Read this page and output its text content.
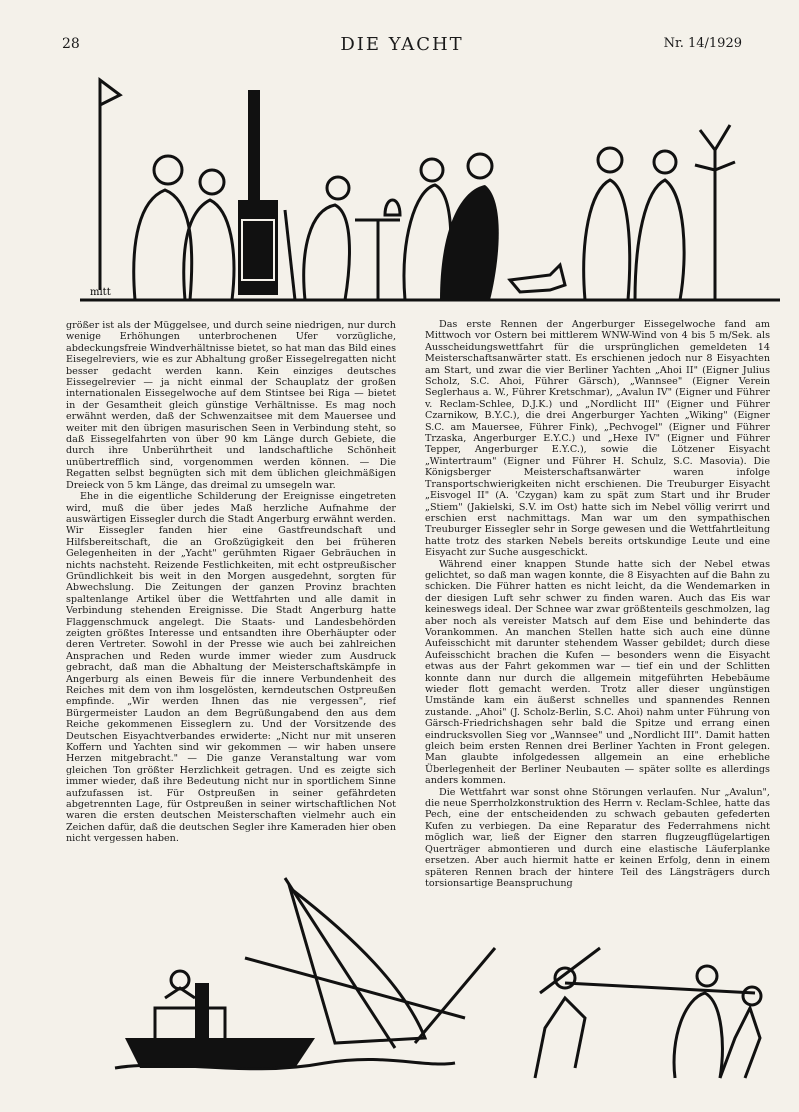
28	DIE YACHT	Nr. 14/1929
mitt

größer ist als der Müggelsee, und durch seine niedrigen, nur durch wenige Erhöhungen unterbrochenen Ufer vorzügliche, abdeckungsfreie Windverhältnisse bietet, so hat man das Bild eines Eisegelreviers, wie es zur Abhaltung großer Eissegelregatten nicht besser gedacht werden kann. Kein einziges deutsches Eissegelrevier — ja nicht einmal der Schauplatz der großen internationalen Eissegelwoche auf dem Stintsee bei Riga — bietet in der Gesamtheit gleich günstige Verhältnisse. Es mag noch erwähnt werden, daß der Schwenzaitsee mit dem Mauersee und weiter mit den übrigen masurischen Seen in Verbindung steht, so daß Eissegelfahrten von über 90 km Länge durch Gebiete, die durch ihre Unberührtheit und landschaftliche Schönheit unübertrefflich sind, vorgenommen werden können. — Die Regatten selbst begnügten sich mit dem üblichen gleichmäßigen Dreieck von 5 km Länge, das dreimal zu umsegeln war.

Ehe in die eigentliche Schilderung der Ereignisse eingetreten wird, muß die über jedes Maß herzliche Aufnahme der auswärtigen Eissegler durch die Stadt Angerburg erwähnt werden. Wir Eissegler fanden hier eine Gastfreundschaft und Hilfsbereitschaft, die an Großzügigkeit den bei früheren Gelegenheiten in der „Yacht" gerühmten Rigaer Gebräuchen in nichts nachsteht. Reizende Festlichkeiten, mit echt ostpreußischer Gründlichkeit bis weit in den Morgen ausgedehnt, sorgten für Abwechslung. Die Zeitungen der ganzen Provinz brachten spaltenlange Artikel über die Wettfahrten und alle damit in Verbindung stehenden Ereignisse. Die Stadt Angerburg hatte Flaggenschmuck angelegt. Die Staats- und Landesbehörden zeigten größtes Interesse und entsandten ihre Oberhäupter oder deren Vertreter. Sowohl in der Presse wie auch bei zahlreichen Ansprachen und Reden wurde immer wieder zum Ausdruck gebracht, daß man die Abhaltung der Meisterschaftskämpfe in Angerburg als einen Beweis für die innere Verbundenheit des Reiches mit dem von ihm losgelösten, kerndeutschen Ostpreußen empfinde. „Wir werden Ihnen das nie vergessen", rief Bürgermeister Laudon an dem Begrüßungabend den aus dem Reiche gekommenen Eisseglern zu. Und der Vorsitzende des Deutschen Eisyachtverbandes erwiderte: „Nicht nur mit unseren Koffern und Yachten sind wir gekommen — wir haben unsere Herzen mitgebracht." — Die ganze Veranstaltung war vom gleichen Ton größter Herzlichkeit getragen. Und es zeigte sich immer wieder, daß ihre Bedeutung nicht nur in sportlichem Sinne aufzufassen ist. Für Ostpreußen in seiner gefährdeten abgetrennten Lage, für Ostpreußen in seiner wirtschaftlichen Not waren die ersten deutschen Meisterschaften vielmehr auch ein Zeichen dafür, daß die deutschen Segler ihre Kameraden hier oben nicht vergessen haben.

Das erste Rennen der Angerburger Eissegelwoche fand am Mittwoch vor Ostern bei mittlerem WNW-Wind von 4 bis 5 m/Sek. als Ausscheidungswettfahrt für die ursprünglichen gemeldeten 14 Meisterschaftsanwärter statt. Es erschienen jedoch nur 8 Eisyachten am Start, und zwar die vier Berliner Yachten „Ahoi II" (Eigner Julius Scholz, S.C. Ahoi, Führer Gärsch), „Wannsee" (Eigner Verein Seglerhaus a. W., Führer Kretschmar), „Avalun IV" (Eigner und Führer v. Reclam-Schlee, D.J.K.) und „Nordlicht III" (Eigner und Führer Czarnikow, B.Y.C.), die drei Angerburger Yachten „Wiking" (Eigner S.C. am Mauersee, Führer Fink), „Pechvogel" (Eigner und Führer Trzaska, Angerburger E.Y.C.) und „Hexe IV" (Eigner und Führer Tepper, Angerburger E.Y.C.), sowie die Lötzener Eisyacht „Wintertraum" (Eigner und Führer H. Schulz, S.C. Masovia). Die Königsberger Meisterschaftsanwärter waren infolge Transportschwierigkeiten nicht erschienen. Die Treuburger Eisyacht „Eisvogel II" (A. 'Czygan) kam zu spät zum Start und ihr Bruder „Stiem" (Jakielski, S.V. im Ost) hatte sich im Nebel völlig verirrt und erschien erst nachmittags. Man war um den sympathischen Treuburger Eissegler sehr in Sorge gewesen und die Wettfahrtleitung hatte trotz des starken Nebels bereits ortskundige Leute und eine Eisyacht zur Suche ausgeschickt.

Während einer knappen Stunde hatte sich der Nebel etwas gelichtet, so daß man wagen konnte, die 8 Eisyachten auf die Bahn zu schicken. Die Führer hatten es nicht leicht, da die Wendemarken in der diesigen Luft sehr schwer zu finden waren. Auch das Eis war keineswegs ideal. Der Schnee war zwar größtenteils geschmolzen, lag aber noch als vereister Matsch auf dem Eise und behinderte das Vorankommen. An manchen Stellen hatte sich auch eine dünne Aufeisschicht mit darunter stehendem Wasser gebildet; durch diese Aufeisschicht brachen die Kufen — besonders wenn die Eisyacht etwas aus der Fahrt gekommen war — tief ein und der Schlitten konnte dann nur durch die allgemein mitgeführten Hebebäume wieder flott gemacht werden. Trotz aller dieser ungünstigen Umstände kam ein äußerst schnelles und spannendes Rennen zustande. „Ahoi" (J. Scholz-Berlin, S.C. Ahoi) nahm unter Führung von Gärsch-Friedrichshagen sehr bald die Spitze und errang einen eindrucksvollen Sieg vor „Wannsee" und „Nordlicht III". Damit hatten gleich beim ersten Rennen drei Berliner Yachten in Front gelegen. Man glaubte infolgedessen allgemein an eine erhebliche Überlegenheit der Berliner Neubauten — später sollte es allerdings anders kommen.

Die Wettfahrt war sonst ohne Störungen verlaufen. Nur „Avalun", die neue Sperrholzkonstruktion des Herrn v. Reclam-Schlee, hatte das Pech, eine der entscheidenden zu schwach gebauten gefederten Kufen zu verbiegen. Da eine Reparatur des Federrahmens nicht möglich war, ließ der Eigner den starren flugzeugflügelartigen Querträger abmontieren und durch eine elastische Läuferplanke ersetzen. Aber auch hiermit hatte er keinen Erfolg, denn in einem späteren Rennen brach der hintere Teil des Längsträgers durch torsionsartige Beanspruchung
